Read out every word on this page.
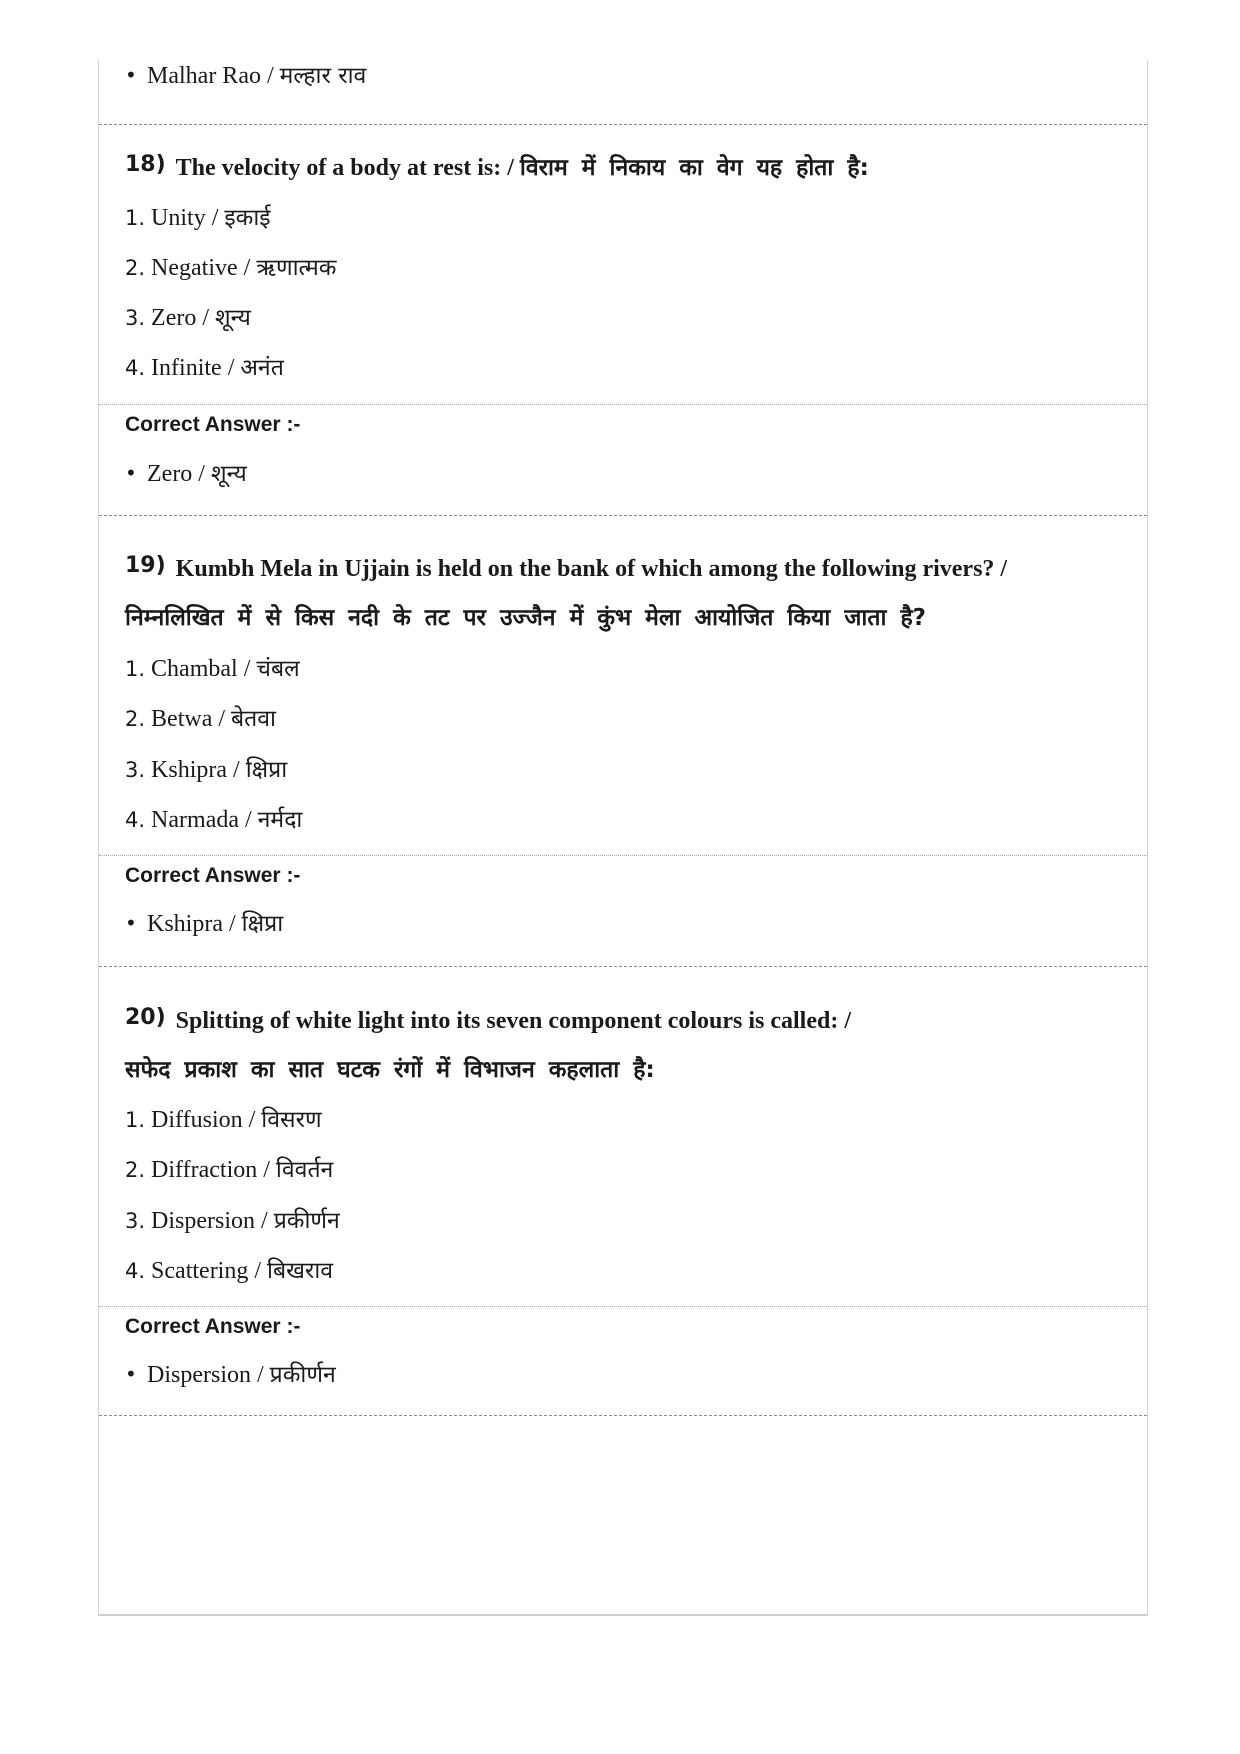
• Malhar Rao / मल्हार राव
18) The velocity of a body at rest is: / विराम में निकाय का वेग यह होता है:
1. Unity / इकाई
2. Negative / ऋणात्मक
3. Zero / शून्य
4. Infinite / अनंत
Correct Answer :-
• Zero / शून्य
19) Kumbh Mela in Ujjain is held on the bank of which among the following rivers? /
निम्नलिखित में से किस नदी के तट पर उज्जैन में कुंभ मेला आयोजित किया जाता है?
1. Chambal / चंबल
2. Betwa / बेतवा
3. Kshipra / क्षिप्रा
4. Narmada / नर्मदा
Correct Answer :-
• Kshipra / क्षिप्रा
20) Splitting of white light into its seven component colours is called: /
सफेद प्रकाश का सात घटक रंगों में विभाजन कहलाता है:
1. Diffusion / विसरण
2. Diffraction / विवर्तन
3. Dispersion / प्रकीर्णन
4. Scattering / बिखराव
Correct Answer :-
• Dispersion / प्रकीर्णन
